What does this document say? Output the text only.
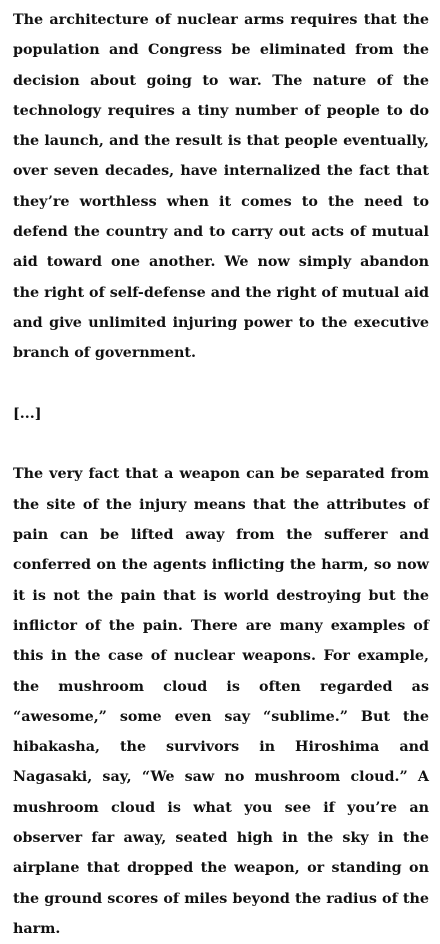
The architecture of nuclear arms requires that the population and Congress be eliminated from the decision about going to war. The nature of the technology requires a tiny number of people to do the launch, and the result is that people eventually, over seven decades, have internalized the fact that they’re worthless when it comes to the need to defend the country and to carry out acts of mutual aid toward one another. We now simply abandon the right of self-defense and the right of mutual aid and give unlimited injuring power to the executive branch of government.

[...]

The very fact that a weapon can be separated from the site of the injury means that the attributes of pain can be lifted away from the sufferer and conferred on the agents inflicting the harm, so now it is not the pain that is world destroying but the inflictor of the pain. There are many examples of this in the case of nuclear weapons. For example, the mushroom cloud is often regarded as “awesome,” some even say “sublime.” But the hibakasha, the survivors in Hiroshima and Nagasaki, say, “We saw no mushroom cloud.” A mushroom cloud is what you see if you’re an observer far away, seated high in the sky in the airplane that dropped the weapon, or standing on the ground scores of miles beyond the radius of the harm.
